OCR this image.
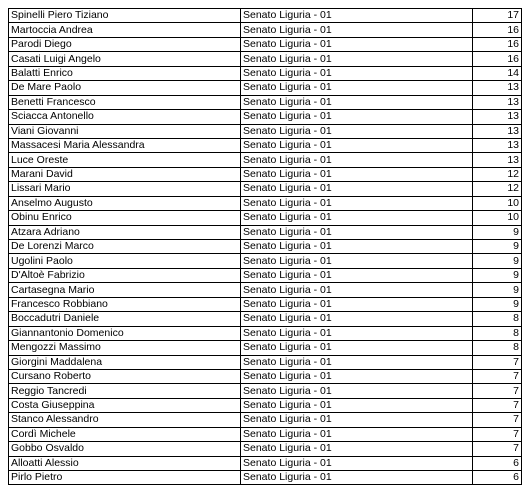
Spinelli Piero Tiziano	Senato Liguria - 01	17
Martoccia Andrea	Senato Liguria - 01	16
Parodi Diego	Senato Liguria - 01	16
Casati Luigi Angelo	Senato Liguria - 01	16
Balatti Enrico	Senato Liguria - 01	14
De Mare Paolo	Senato Liguria - 01	13
Benetti Francesco	Senato Liguria - 01	13
Sciacca Antonello	Senato Liguria - 01	13
Viani Giovanni	Senato Liguria - 01	13
Massacesi Maria Alessandra	Senato Liguria - 01	13
Luce Oreste	Senato Liguria - 01	13
Marani David	Senato Liguria - 01	12
Lissari Mario	Senato Liguria - 01	12
Anselmo Augusto	Senato Liguria - 01	10
Obinu Enrico	Senato Liguria - 01	10
Atzara Adriano	Senato Liguria - 01	9
De Lorenzi Marco	Senato Liguria - 01	9
Ugolini Paolo	Senato Liguria - 01	9
D'Altoè Fabrizio	Senato Liguria - 01	9
Cartasegna Mario	Senato Liguria - 01	9
Francesco Robbiano	Senato Liguria - 01	9
Boccadutri Daniele	Senato Liguria - 01	8
Giannantonio Domenico	Senato Liguria - 01	8
Mengozzi Massimo	Senato Liguria - 01	8
Giorgini Maddalena	Senato Liguria - 01	7
Cursano Roberto	Senato Liguria - 01	7
Reggio Tancredi	Senato Liguria - 01	7
Costa Giuseppina	Senato Liguria - 01	7
Stanco Alessandro	Senato Liguria - 01	7
Cordì Michele	Senato Liguria - 01	7
Gobbo Osvaldo	Senato Liguria - 01	7
Alloatti Alessio	Senato Liguria - 01	6
Pirlo Pietro	Senato Liguria - 01	6
